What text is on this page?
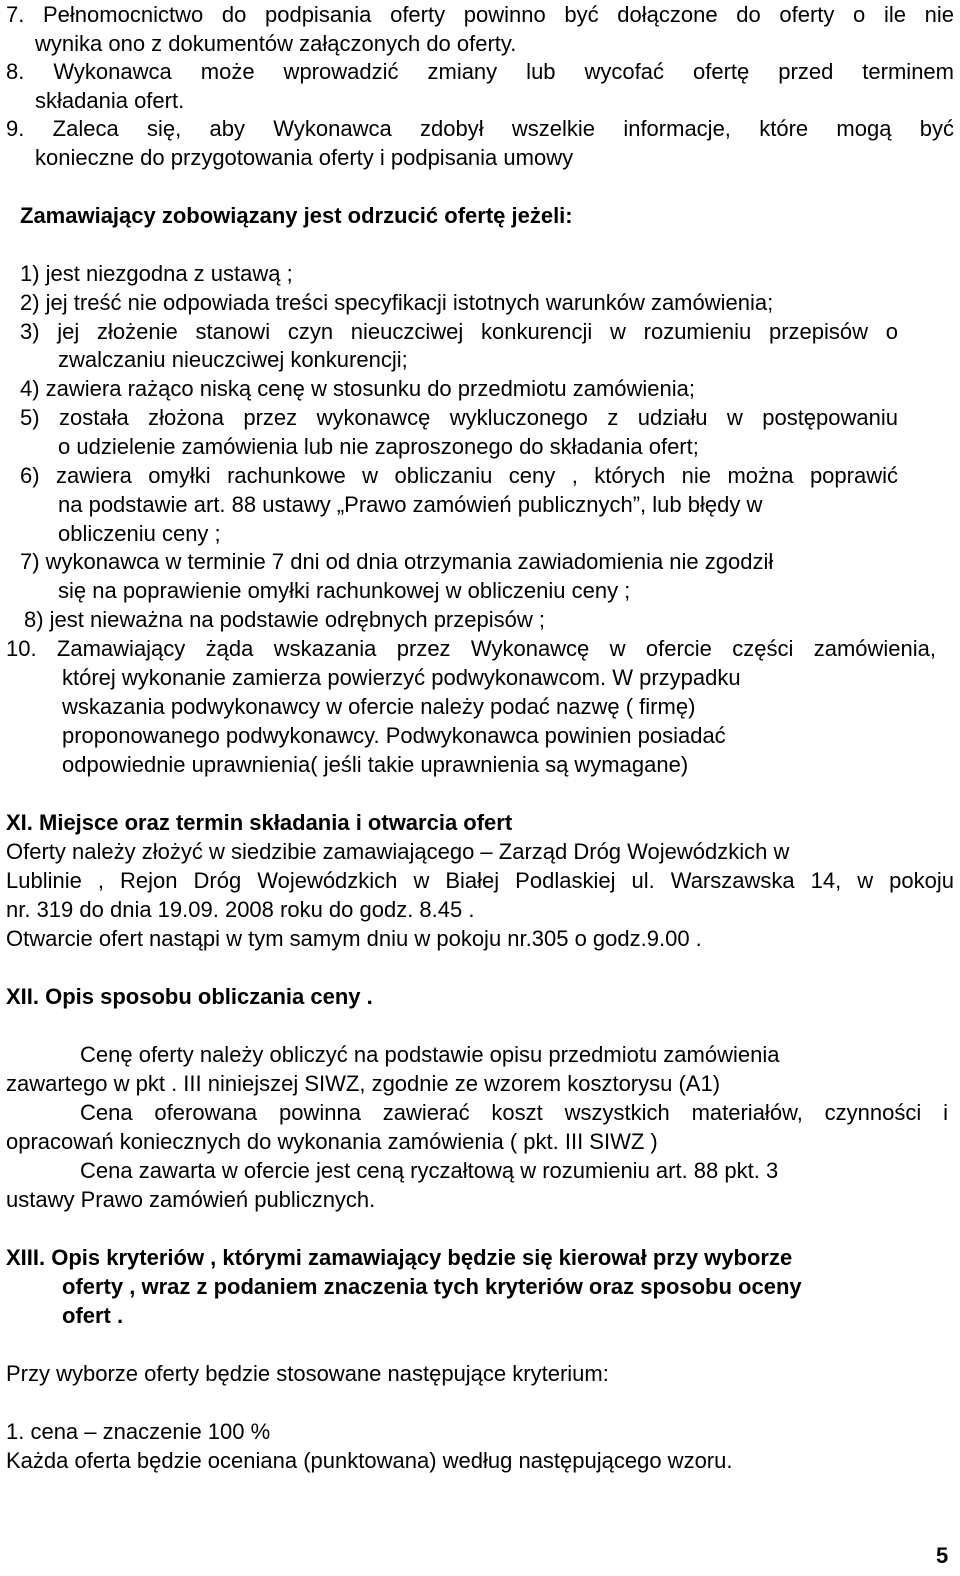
7. Pełnomocnictwo do podpisania oferty powinno być dołączone do oferty o ile nie
wynika ono z dokumentów załączonych do oferty.
8. Wykonawca może wprowadzić zmiany lub wycofać ofertę przed terminem
składania ofert.
9. Zaleca się, aby Wykonawca zdobył wszelkie informacje, które mogą być
konieczne do przygotowania oferty i podpisania umowy
Zamawiający zobowiązany jest odrzucić ofertę jeżeli:
1) jest niezgodna z ustawą ;
2) jej treść nie odpowiada treści specyfikacji istotnych warunków zamówienia;
3) jej złożenie stanowi czyn nieuczciwej konkurencji w rozumieniu przepisów o
zwalczaniu nieuczciwej konkurencji;
4) zawiera rażąco niską cenę w stosunku do przedmiotu zamówienia;
5) została złożona przez wykonawcę wykluczonego z udziału w postępowaniu
o udzielenie zamówienia lub nie zaproszonego do składania ofert;
6) zawiera omyłki rachunkowe w obliczaniu ceny , których nie można poprawić
na podstawie art. 88 ustawy „Prawo zamówień publicznych”, lub błędy w
obliczeniu ceny ;
7) wykonawca w terminie 7 dni od dnia otrzymania zawiadomienia nie zgodził
się na poprawienie omyłki rachunkowej w obliczeniu ceny ;
8) jest nieważna na podstawie odrębnych przepisów ;
10. Zamawiający żąda wskazania przez Wykonawcę w ofercie części zamówienia,
której wykonanie zamierza powierzyć podwykonawcom. W przypadku
wskazania podwykonawcy w ofercie należy podać nazwę ( firmę)
proponowanego podwykonawcy. Podwykonawca powinien posiadać
odpowiednie uprawnienia( jeśli takie uprawnienia są wymagane)
XI. Miejsce oraz termin składania i otwarcia ofert
Oferty należy złożyć w siedzibie zamawiającego – Zarząd Dróg Wojewódzkich w
Lublinie , Rejon Dróg Wojewódzkich w Białej Podlaskiej ul. Warszawska 14, w pokoju
nr. 319 do dnia 19.09. 2008 roku do godz. 8.45 .
Otwarcie ofert nastąpi w tym samym dniu w pokoju nr.305 o godz.9.00 .
XII. Opis sposobu obliczania ceny .
Cenę oferty należy obliczyć na podstawie opisu przedmiotu zamówienia
zawartego w pkt . III niniejszej SIWZ, zgodnie ze wzorem kosztorysu (A1)
Cena oferowana powinna zawierać koszt wszystkich materiałów, czynności i
opracowań koniecznych do wykonania zamówienia ( pkt. III SIWZ )
Cena zawarta w ofercie jest ceną ryczałtową w rozumieniu art. 88 pkt. 3
ustawy Prawo zamówień publicznych.
XIII. Opis kryteriów , którymi zamawiający będzie się kierował przy wyborze
oferty , wraz z podaniem znaczenia tych kryteriów oraz sposobu oceny
ofert .
Przy wyborze oferty będzie stosowane następujące kryterium:
1. cena – znaczenie 100 %
Każda oferta będzie oceniana (punktowana) według następującego wzoru.
5
